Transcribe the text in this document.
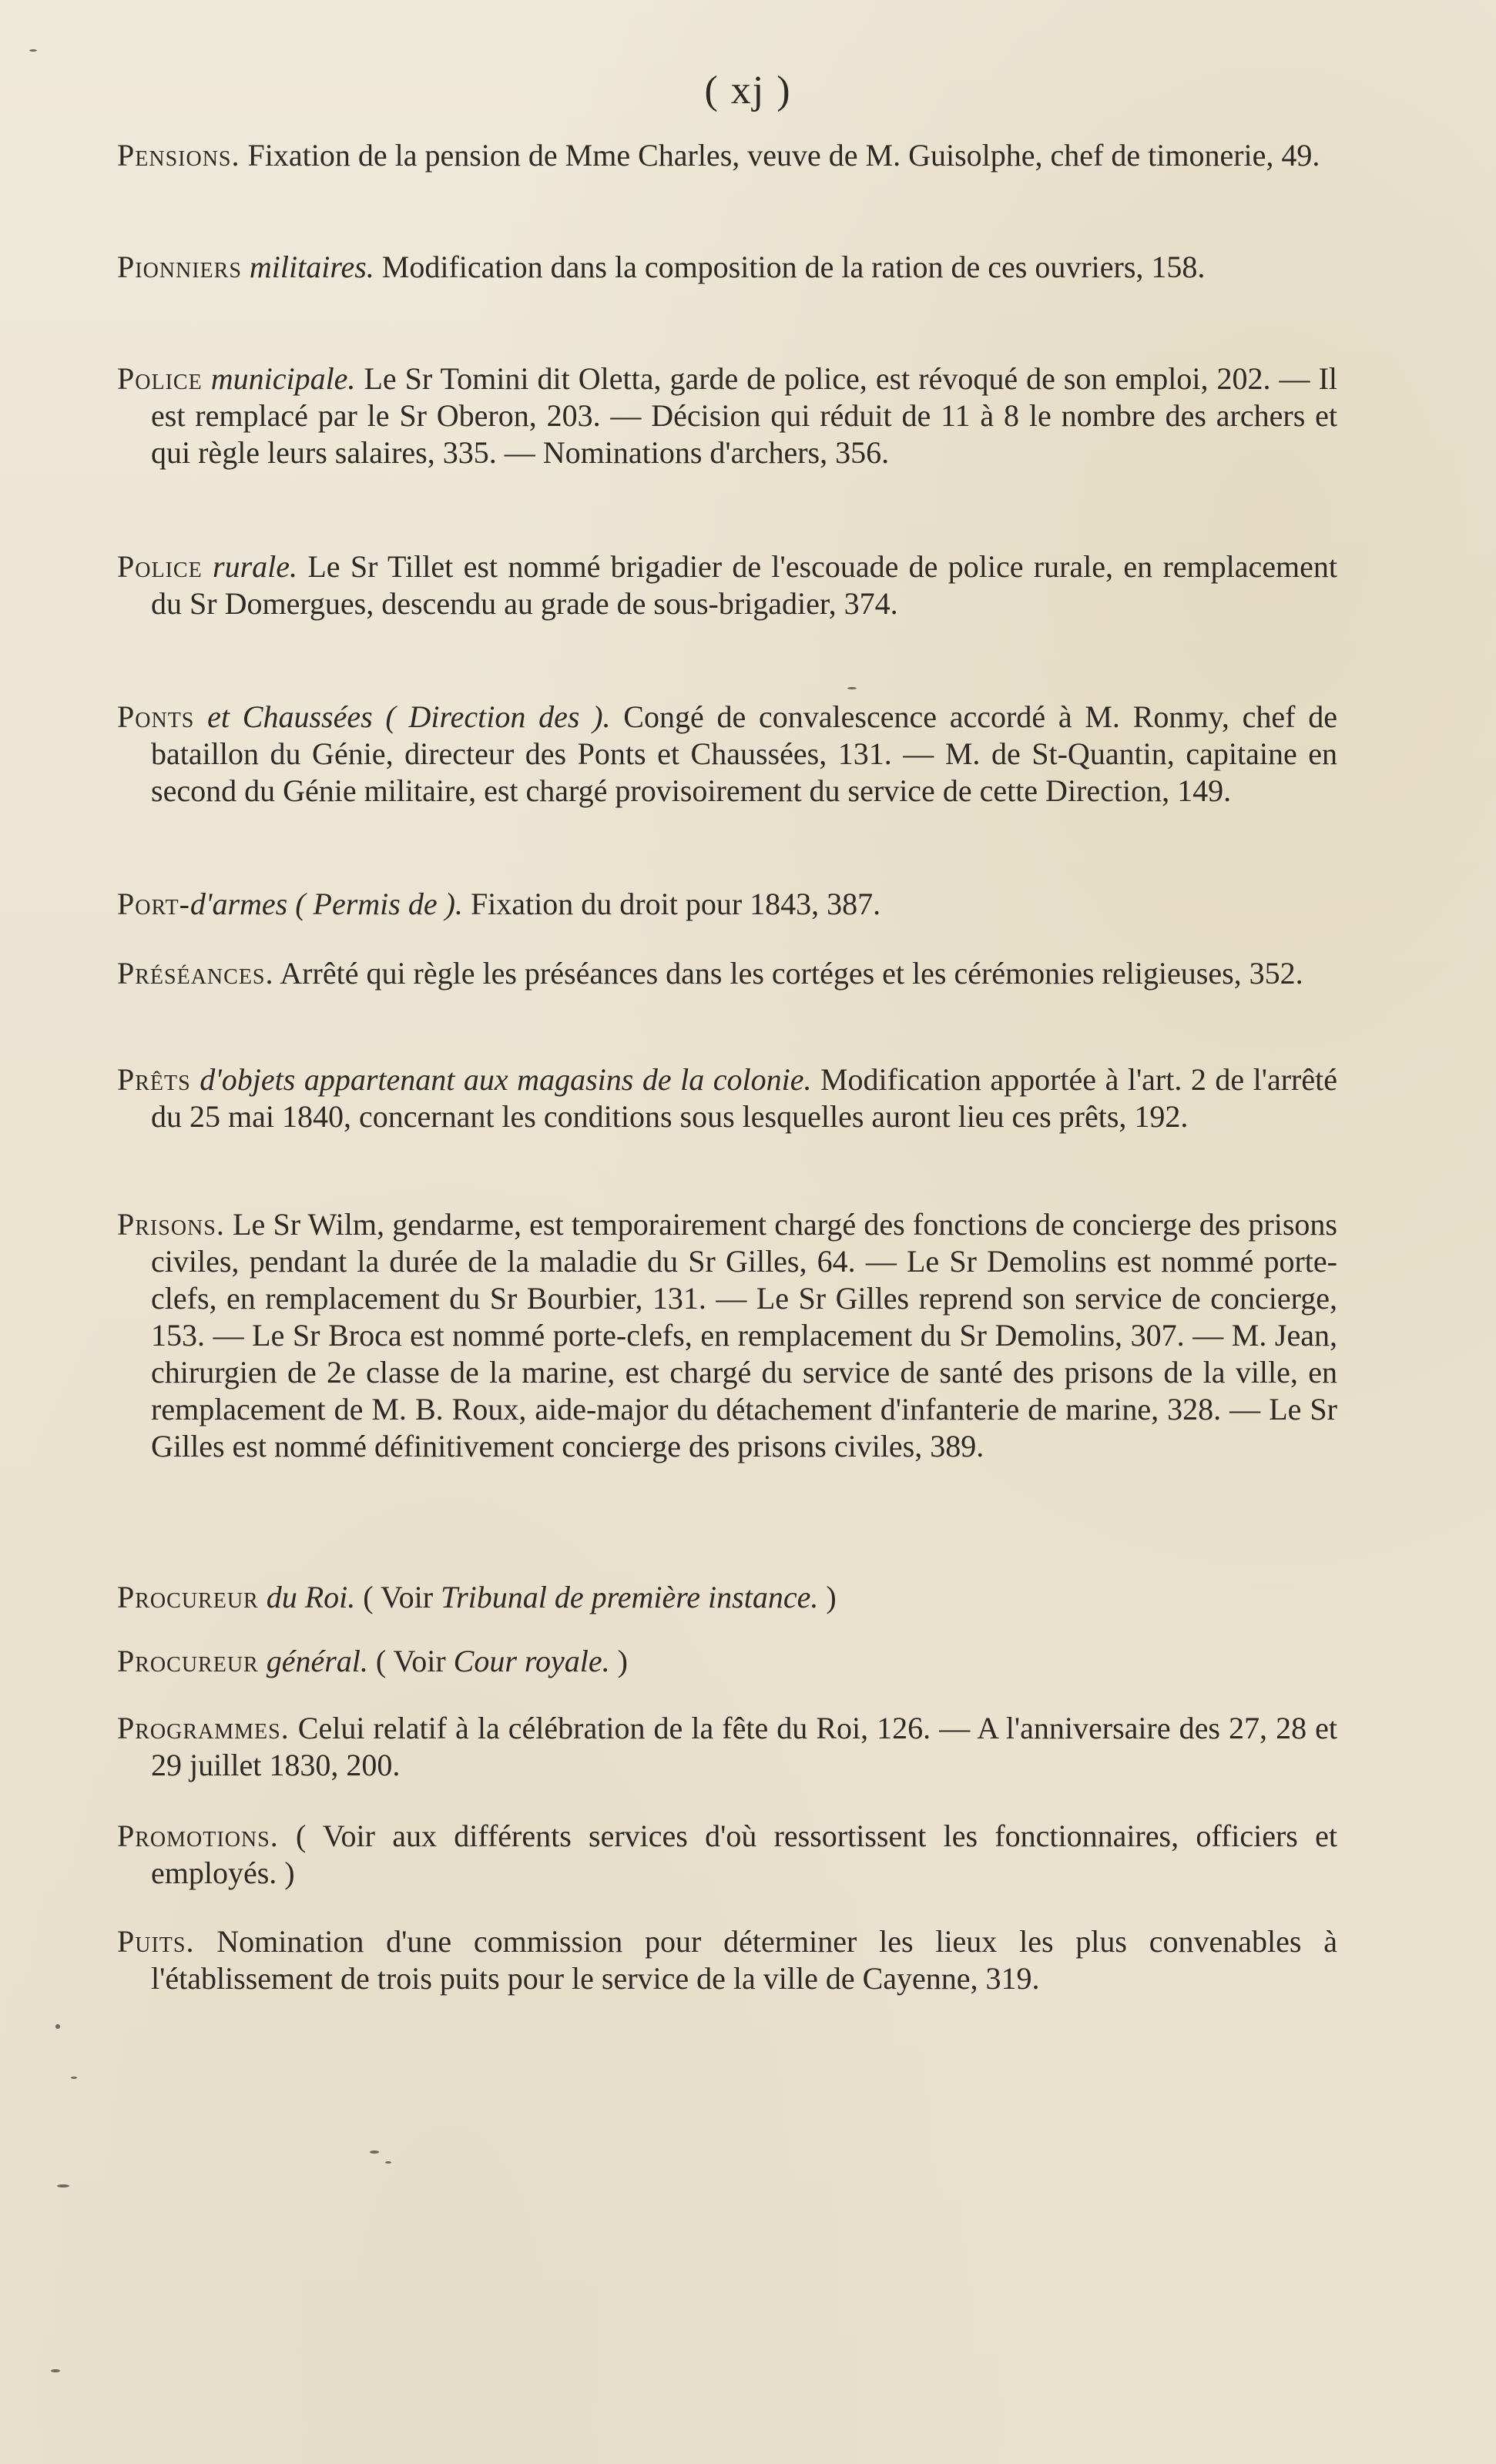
( xj )
Pensions. Fixation de la pension de Mme Charles, veuve de M. Guisolphe, chef de timonerie, 49.
Pionniers militaires. Modification dans la composition de la ration de ces ouvriers, 158.
Police municipale. Le Sr Tomini dit Oletta, garde de police, est révoqué de son emploi, 202. — Il est remplacé par le Sr Oberon, 203. — Décision qui réduit de 11 à 8 le nombre des archers et qui règle leurs salaires, 335. — Nominations d'archers, 356.
Police rurale. Le Sr Tillet est nommé brigadier de l'escouade de police rurale, en remplacement du Sr Domergues, descendu au grade de sous-brigadier, 374.
Ponts et Chaussées ( Direction des ). Congé de convalescence accordé à M. Ronmy, chef de bataillon du Génie, directeur des Ponts et Chaussées, 131. — M. de St-Quantin, capitaine en second du Génie militaire, est chargé provisoirement du service de cette Direction, 149.
Port-d'armes ( Permis de ). Fixation du droit pour 1843, 387.
Préséances. Arrêté qui règle les préséances dans les cortéges et les cérémonies religieuses, 352.
Prêts d'objets appartenant aux magasins de la colonie. Modification apportée à l'art. 2 de l'arrêté du 25 mai 1840, concernant les conditions sous lesquelles auront lieu ces prêts, 192.
Prisons. Le Sr Wilm, gendarme, est temporairement chargé des fonctions de concierge des prisons civiles, pendant la durée de la maladie du Sr Gilles, 64. — Le Sr Demolins est nommé porte-clefs, en remplacement du Sr Bourbier, 131. — Le Sr Gilles reprend son service de concierge, 153. — Le Sr Broca est nommé porte-clefs, en remplacement du Sr Demolins, 307. — M. Jean, chirurgien de 2e classe de la marine, est chargé du service de santé des prisons de la ville, en remplacement de M. B. Roux, aide-major du détachement d'infanterie de marine, 328. — Le Sr Gilles est nommé définitivement concierge des prisons civiles, 389.
Procureur du Roi. ( Voir Tribunal de première instance. )
Procureur général. ( Voir Cour royale. )
Programmes. Celui relatif à la célébration de la fête du Roi, 126. — A l'anniversaire des 27, 28 et 29 juillet 1830, 200.
Promotions. ( Voir aux différents services d'où ressortissent les fonctionnaires, officiers et employés. )
Puits. Nomination d'une commission pour déterminer les lieux les plus convenables à l'établissement de trois puits pour le service de la ville de Cayenne, 319.
